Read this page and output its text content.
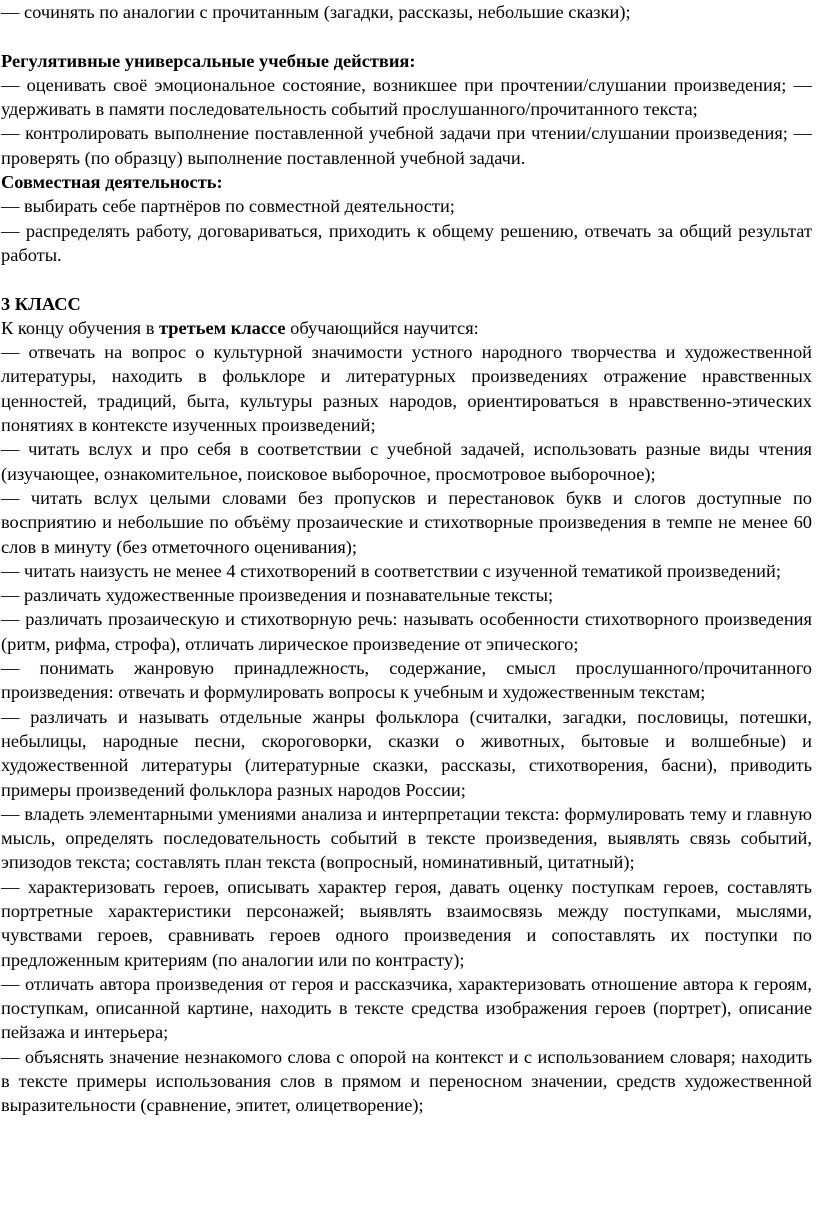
— сочинять по аналогии с прочитанным (загадки, рассказы, небольшие сказки);

Регулятивные универсальные учебные действия:

— оценивать своё эмоциональное состояние, возникшее при прочтении/слушании произведения; — удерживать в памяти последовательность событий прослушанного/прочитанного текста;

— контролировать выполнение поставленной учебной задачи при чтении/слушании произведения; — проверять (по образцу) выполнение поставленной учебной задачи.

Совместная деятельность:

— выбирать себе партнёров по совместной деятельности;

— распределять работу, договариваться, приходить к общему решению, отвечать за общий результат работы.

3 КЛАСС

К концу обучения в третьем классе обучающийся научится:

— отвечать на вопрос о культурной значимости устного народного творчества и художественной литературы, находить в фольклоре и литературных произведениях отражение нравственных ценностей, традиций, быта, культуры разных народов, ориентироваться в нравственно-этических понятиях в контексте изученных произведений;

— читать вслух и про себя в соответствии с учебной задачей, использовать разные виды чтения (изучающее, ознакомительное, поисковое выборочное, просмотровое выборочное);

— читать вслух целыми словами без пропусков и перестановок букв и слогов доступные по восприятию и небольшие по объёму прозаические и стихотворные произведения в темпе не менее 60 слов в минуту (без отметочного оценивания);

— читать наизусть не менее 4 стихотворений в соответствии с изученной тематикой произведений;

— различать художественные произведения и познавательные тексты;

— различать прозаическую и стихотворную речь: называть особенности стихотворного произведения (ритм, рифма, строфа), отличать лирическое произведение от эпического;

— понимать жанровую принадлежность, содержание, смысл прослушанного/прочитанного произведения: отвечать и формулировать вопросы к учебным и художественным текстам;

— различать и называть отдельные жанры фольклора (считалки, загадки, пословицы, потешки, небылицы, народные песни, скороговорки, сказки о животных, бытовые и волшебные) и художественной литературы (литературные сказки, рассказы, стихотворения, басни), приводить примеры произведений фольклора разных народов России;

— владеть элементарными умениями анализа и интерпретации текста: формулировать тему и главную мысль, определять последовательность событий в тексте произведения, выявлять связь событий, эпизодов текста; составлять план текста (вопросный, номинативный, цитатный);

— характеризовать героев, описывать характер героя, давать оценку поступкам героев, составлять портретные характеристики персонажей; выявлять взаимосвязь между поступками, мыслями, чувствами героев, сравнивать героев одного произведения и сопоставлять их поступки по предложенным критериям (по аналогии или по контрасту);

— отличать автора произведения от героя и рассказчика, характеризовать отношение автора к героям, поступкам, описанной картине, находить в тексте средства изображения героев (портрет), описание пейзажа и интерьера;

— объяснять значение незнакомого слова с опорой на контекст и с использованием словаря; находить в тексте примеры использования слов в прямом и переносном значении, средств художественной выразительности (сравнение, эпитет, олицетворение);
